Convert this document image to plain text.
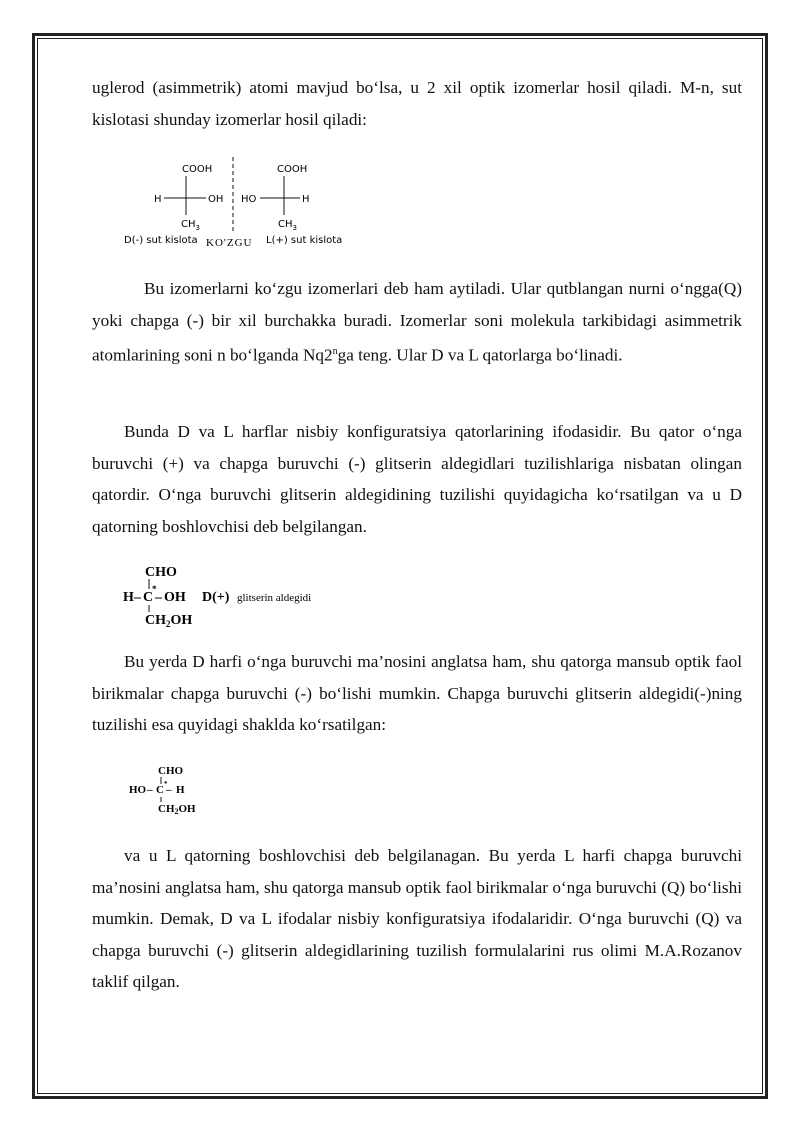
uglerod (asimmetrik) atomi mavjud bo‘lsa, u 2 xil optik izomerlar hosil qiladi. M-n, sut kislotasi shunday izomerlar hosil qiladi:

COOH
H	OH
$CH_3$
D(-) sut kislota KO'ZGU
COOH
HO	H
$CH_3$
L(+) sut kislota

Bu izomerlarni ko‘zgu izomerlari deb ham aytiladi. Ular qutblangan nurni o‘ngga(Q) yoki chapga (-) bir xil burchakka buradi. Izomerlar soni molekula tarkibidagi asimmetrik atomlarining soni n bo‘lganda Nq2$^n$ga teng. Ular D va L qatorlarga bo‘linadi.

Bunda D va L harflar nisbiy konfiguratsiya qatorlarining ifodasidir. Bu qator o‘nga buruvchi (+) va chapga buruvchi (-) glitserin aldegidlari tuzilishlariga nisbatan olingan qatordir. O‘nga buruvchi glitserin aldegidining tuzilishi quyidagicha ko‘rsatilgan va u D qatorning boshlovchisi deb belgilangan.

CHO
H – C
*
– OH
$CH_2OH$
D(+) glitserin aldegidi

Bu yerda D harfi o‘nga buruvchi ma’nosini anglatsa ham, shu qatorga mansub optik faol birikmalar chapga buruvchi (-) bo‘lishi mumkin. Chapga buruvchi glitserin aldegidi(-)ning tuzilishi esa quyidagi shaklda ko‘rsatilgan:

CHO
HO – C *
– H
CH2OH

va u L qatorning boshlovchisi deb belgilanagan. Bu yerda L harfi chapga buruvchi ma’nosini anglatsa ham, shu qatorga mansub optik faol birikmalar o‘nga buruvchi (Q) bo‘lishi mumkin. Demak, D va L ifodalar nisbiy konfiguratsiya ifodalaridir. O‘nga buruvchi (Q) va chapga buruvchi (-) glitserin aldegidlarining tuzilish formulalarini rus olimi M.A.Rozanov taklif qilgan.
